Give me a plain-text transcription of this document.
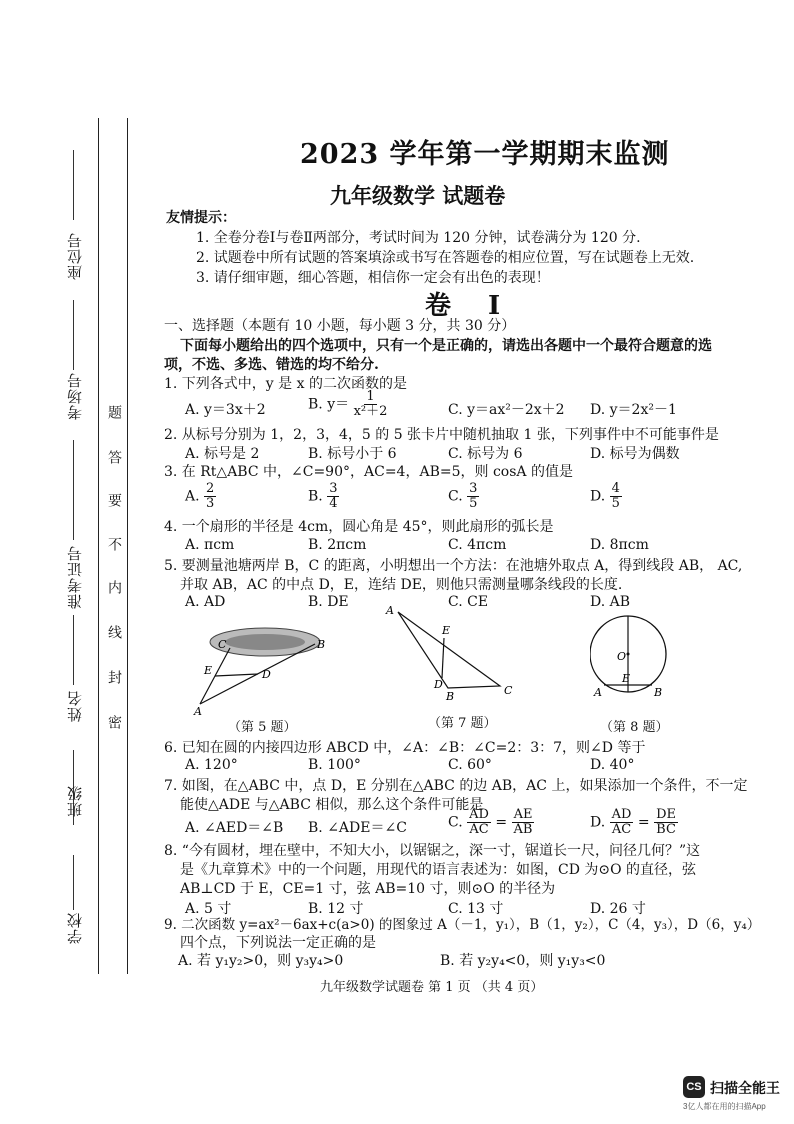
座位号
考场号
准考证号
姓名
班级
学校
题
答
要
不
内
线
封
密
2023 学年第一学期期末监测
九年级数学 试题卷
友情提示：
1. 全卷分卷Ⅰ与卷Ⅱ两部分，考试时间为 120 分钟，试卷满分为 120 分.
2. 试题卷中所有试题的答案填涂或书写在答题卷的相应位置，写在试题卷上无效.
3. 请仔细审题，细心答题，相信你一定会有出色的表现！
卷 Ⅰ
一、选择题（本题有 10 小题，每小题 3 分，共 30 分）
下面每小题给出的四个选项中，只有一个是正确的，请选出各题中一个最符合题意的选
项，不选、多选、错选的均不给分.
1. 下列各式中，y 是 x 的二次函数的是
A. y＝3x＋2	B. $y= \frac{1}{\text{x²＋2}}$	C. y＝ax²－2x＋2 D. y＝2x²－1
2. 从标号分别为 1，2，3，4，5 的 5 张卡片中随机抽取 1 张，下列事件中不可能事件是
A. 标号是 2	B. 标号小于 6	C. 标号为 6	D. 标号为偶数
3. 在 Rt△ABC 中，∠C=90°，AC=4，AB=5，则 cosA 的值是
A. $\frac{2}{3}$	B. $\frac{3}{4}$	C. $\frac{3}{5}$	D. $\frac{4}{5}$
4. 一个扇形的半径是 4cm，圆心角是 45°，则此扇形的弧长是
A. πcm	B. 2πcm	C. 4πcm	D. 8πcm
5. 要测量池塘两岸 B，C 的距离，小明想出一个方法：在池塘外取点 A，得到线段 AB， AC,
并取 AB，AC 的中点 D，E，连结 DE，则他只需测量哪条线段的长度.
A. AD	B. DE	C. CE	D. AB
C	B
E	D
A
（第 5 题）
A
E
D
B	C
（第 7 题）
O
A
E
B
（第 8 题）
6. 已知在圆的内接四边形 ABCD 中，∠A：∠B：∠C=2：3：7，则∠D 等于
A. 120°	B. 100°	C. 60°	D. 40°
7. 如图，在△ABC 中，点 D，E 分别在△ABC 的边 AB，AC 上，如果添加一个条件，不一定
能使△ADE 与△ABC 相似，那么这个条件可能是
A. ∠AED＝∠B B. ∠ADE＝∠C	C. $\frac{AD}{AC} = \frac{AE}{AB}$	D. $\frac{AD}{AC} = \frac{DE}{BC}$
8. “今有圆材，埋在壁中，不知大小，以锯锯之，深一寸，锯道长一尺，问径几何？”这
是《九章算术》中的一个问题，用现代的语言表述为：如图，CD 为⊙O 的直径，弦
AB⊥CD 于 E，CE=1 寸，弦 AB=10 寸，则⊙O 的半径为
A. 5 寸	B. 12 寸	C. 13 寸	D. 26 寸
9. 二次函数 y=ax²－6ax+c(a>0) 的图象过 A（－1，y₁），B（1，y₂），C（4，y₃），D（6，y₄）
四个点，下列说法一定正确的是
A. 若 y₁y₂>0，则 y₃y₄>0	B. 若 y₂y₄<0，则 y₁y₃<0
九年级数学试题卷 第 1 页 （共 4 页）
CS 扫描全能王
3亿人都在用的扫描App
